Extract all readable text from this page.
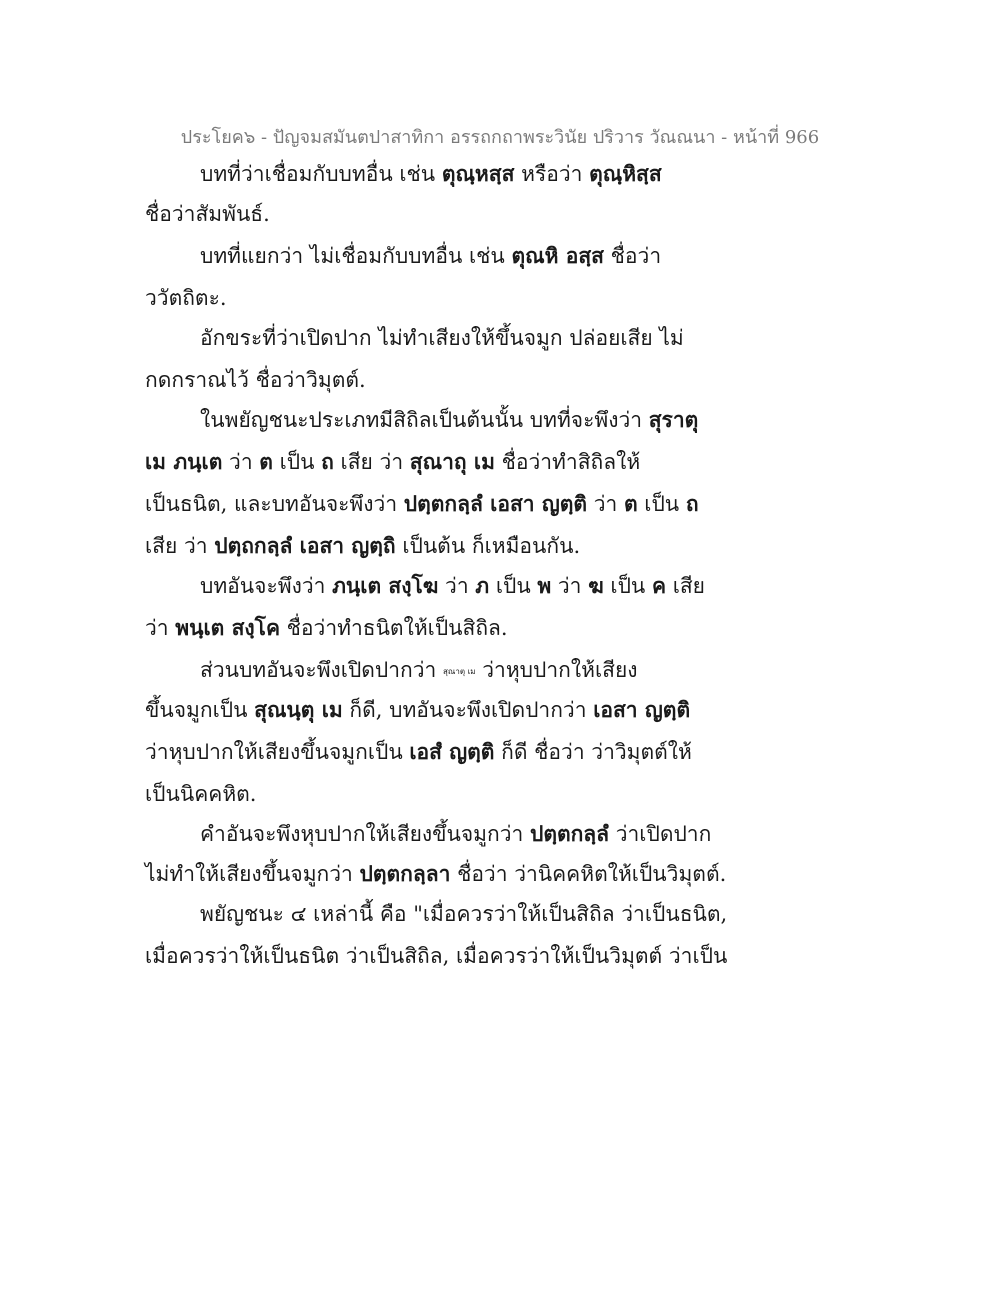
ประโยค๖ - ปัญจมสมันตปาสาทิกา อรรถกถาพระวินัย ปริวาร วัณณนา - หน้าที่ 966
บทที่ว่าเชื่อมกับบทอื่น เช่น ตุณฺหสฺส หรือว่า ตุณฺหิสฺส
ชื่อว่าสัมพันธ์.
บทที่แยกว่า ไม่เชื่อมกับบทอื่น เช่น ตุณหิ อสฺส ชื่อว่า
ววัตถิตะ.
อักขระที่ว่าเปิดปาก ไม่ทำเสียงให้ขึ้นจมูก ปล่อยเสีย ไม่
กดกราณไว้ ชื่อว่าวิมุตต์.
ในพยัญชนะประเภทมีสิถิลเป็นต้นนั้น บทที่จะพึงว่า สุราตุ
เม ภนฺเต ว่า ต เป็น ถ เสีย ว่า สุณาถุ เม ชื่อว่าทำสิถิลให้
เป็นธนิต, และบทอันจะพึงว่า ปตฺตกลฺลํ เอสา ญตฺติ ว่า ต เป็น ถ
เสีย ว่า ปตฺถกลฺลํ เอสา ญตฺถิ เป็นต้น ก็เหมือนกัน.
บทอันจะพึงว่า ภนฺเต สงฺโฆ ว่า ภ เป็น พ ว่า ฆ เป็น ค เสีย
ว่า พนฺเต สงฺโค ชื่อว่าทำธนิตให้เป็นสิถิล.
ส่วนบทอันจะพึงเปิดปากว่า สุณาตุ เม ว่าหุบปากให้เสียง
ขึ้นจมูกเป็น สุณนฺตุ เม ก็ดี, บทอันจะพึงเปิดปากว่า เอสา ญตฺติ
ว่าหุบปากให้เสียงขึ้นจมูกเป็น เอสํ ญตฺติ ก็ดี ชื่อว่า ว่าวิมุตต์ให้
เป็นนิคคหิต.
คำอันจะพึงหุบปากให้เสียงขึ้นจมูกว่า ปตฺตกลฺลํ ว่าเปิดปาก
ไม่ทำให้เสียงขึ้นจมูกว่า ปตฺตกลฺลา ชื่อว่า ว่านิคคหิตให้เป็นวิมุตต์.
พยัญชนะ ๔ เหล่านี้ คือ "เมื่อควรว่าให้เป็นสิถิล ว่าเป็นธนิต,
เมื่อควรว่าให้เป็นธนิต ว่าเป็นสิถิล, เมื่อควรว่าให้เป็นวิมุตต์ ว่าเป็น
